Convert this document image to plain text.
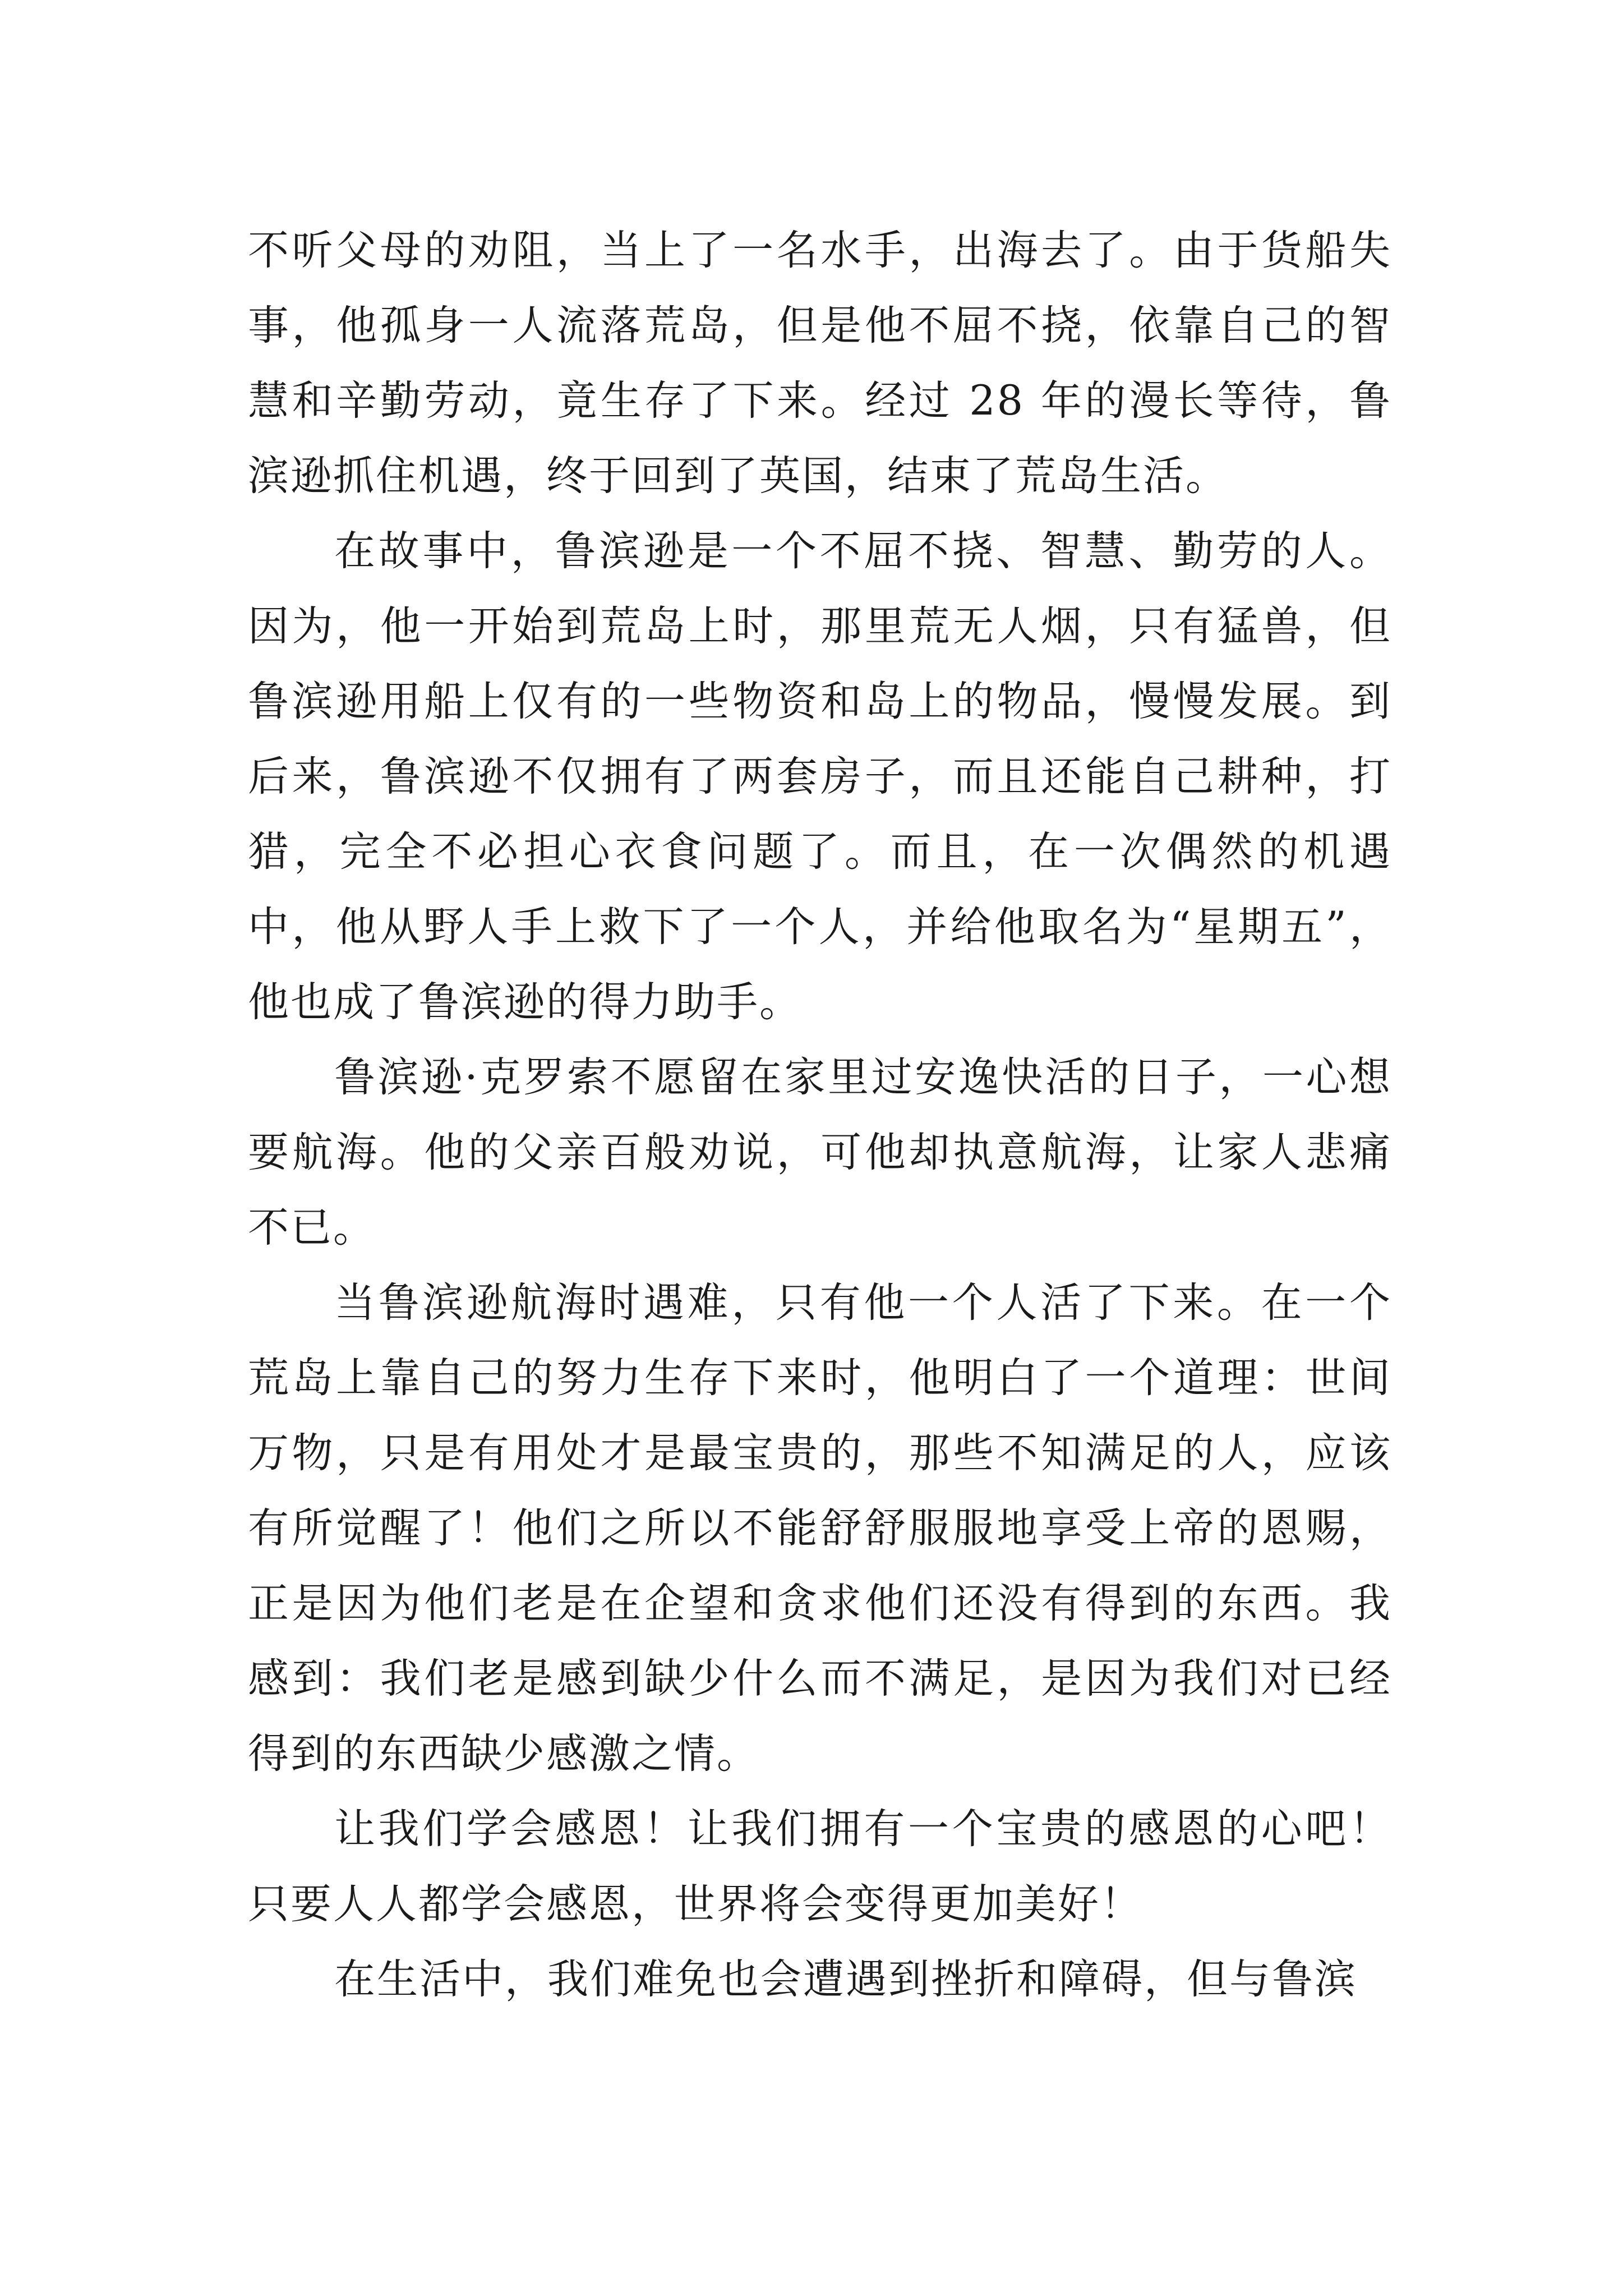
不听父母的劝阻，当上了一名水手，出海去了。由于货船失事，他孤身一人流落荒岛，但是他不屈不挠，依靠自己的智慧和辛勤劳动，竟生存了下来。经过 28 年的漫长等待，鲁滨逊抓住机遇，终于回到了英国，结束了荒岛生活。

在故事中，鲁滨逊是一个不屈不挠、智慧、勤劳的人。因为，他一开始到荒岛上时，那里荒无人烟，只有猛兽，但鲁滨逊用船上仅有的一些物资和岛上的物品，慢慢发展。到后来，鲁滨逊不仅拥有了两套房子，而且还能自己耕种，打猎，完全不必担心衣食问题了。而且，在一次偶然的机遇中，他从野人手上救下了一个人，并给他取名为“星期五”，他也成了鲁滨逊的得力助手。

鲁滨逊·克罗索不愿留在家里过安逸快活的日子，一心想要航海。他的父亲百般劝说，可他却执意航海，让家人悲痛不已。

当鲁滨逊航海时遇难，只有他一个人活了下来。在一个荒岛上靠自己的努力生存下来时，他明白了一个道理：世间万物，只是有用处才是最宝贵的，那些不知满足的人，应该有所觉醒了！他们之所以不能舒舒服服地享受上帝的恩赐，正是因为他们老是在企望和贪求他们还没有得到的东西。我感到：我们老是感到缺少什么而不满足，是因为我们对已经得到的东西缺少感激之情。

让我们学会感恩！让我们拥有一个宝贵的感恩的心吧！只要人人都学会感恩，世界将会变得更加美好！

在生活中，我们难免也会遭遇到挫折和障碍，但与鲁滨
